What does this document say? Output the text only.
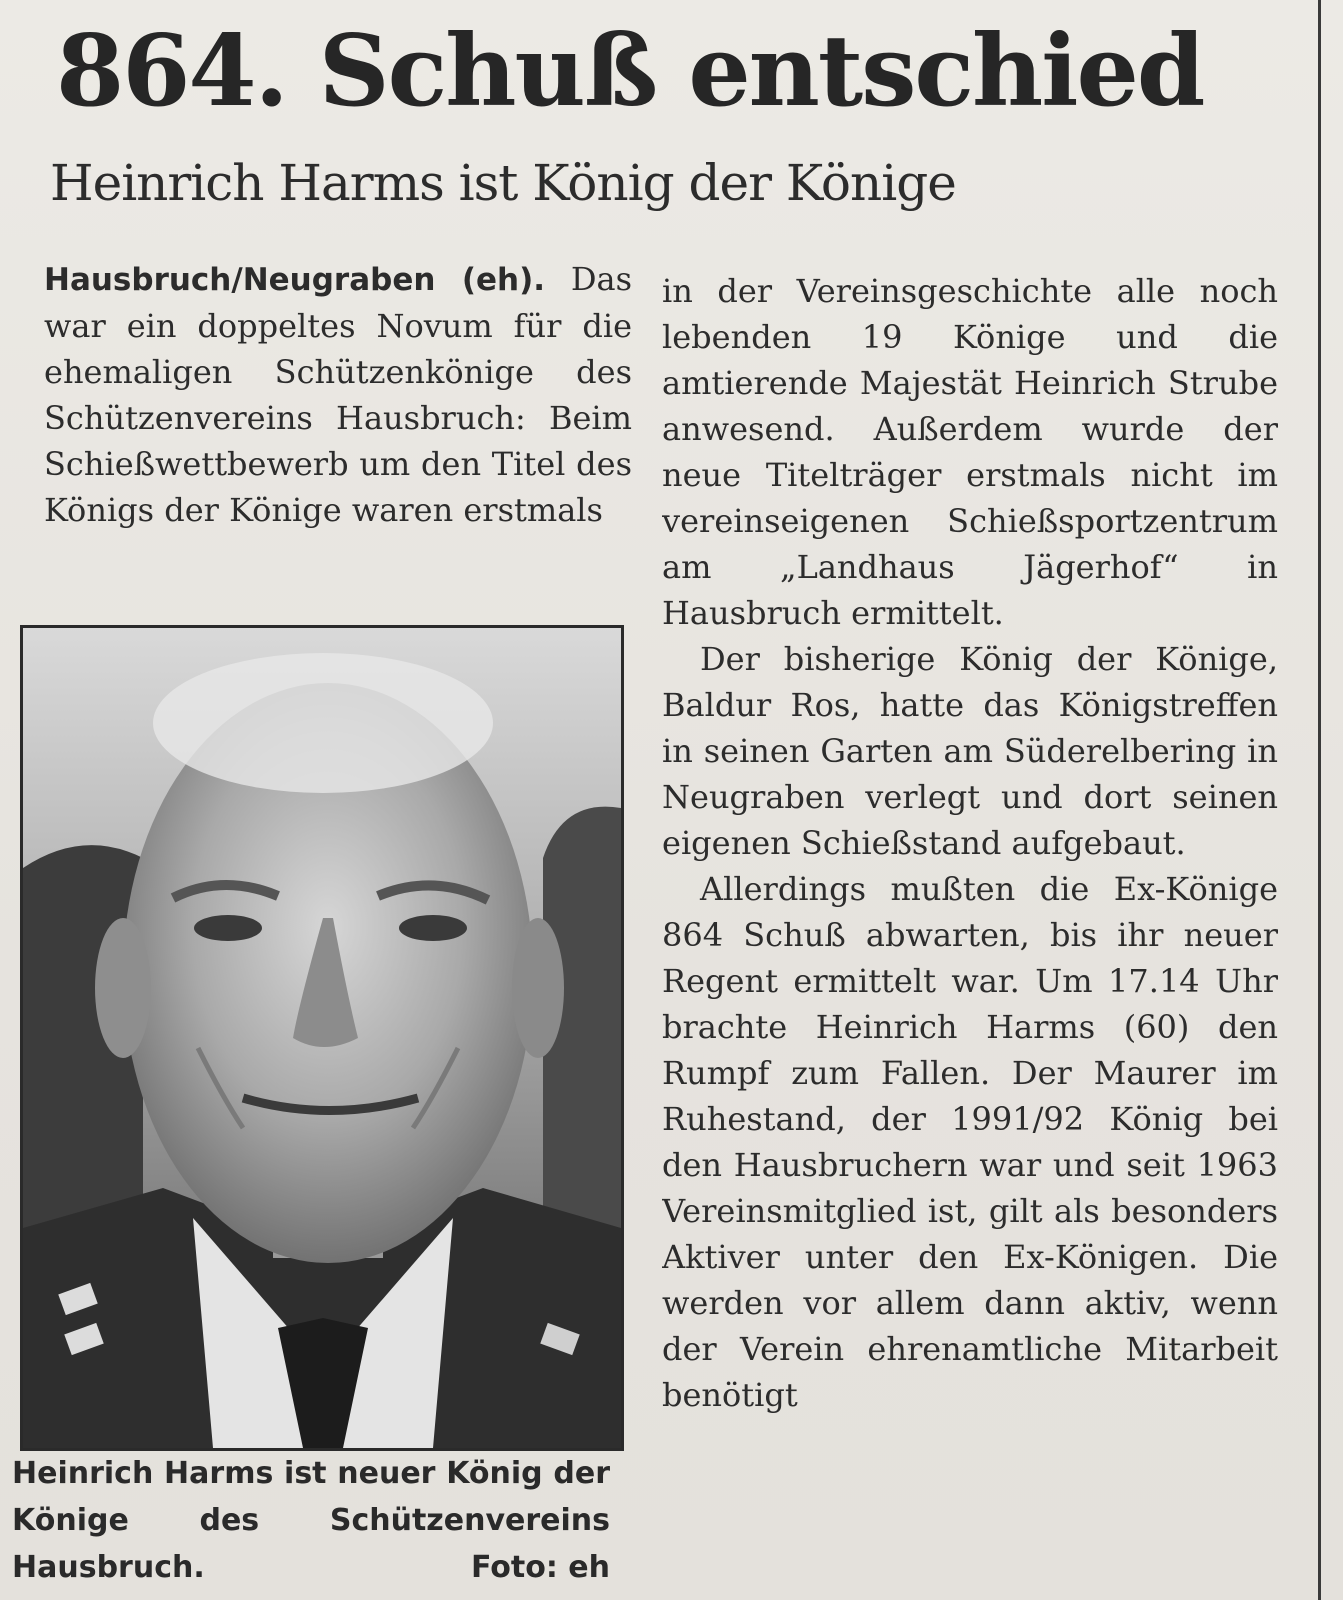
864. Schuß entschied
Heinrich Harms ist König der Könige

Hausbruch/Neugraben (eh). Das war ein doppeltes Novum für die ehemaligen Schützenkönige des Schützenvereins Hausbruch: Beim Schießwettbewerb um den Titel des Königs der Könige waren erstmals

Heinrich Harms ist neuer König der Könige des Schützenvereins Hausbruch.	Foto: eh

in der Vereinsgeschichte alle noch lebenden 19 Könige und die amtierende Majestät Heinrich Strube anwesend. Außerdem wurde der neue Titelträger erstmals nicht im vereinseigenen Schießsportzentrum am „Landhaus Jägerhof“ in Hausbruch ermittelt.

Der bisherige König der Könige, Baldur Ros, hatte das Königstreffen in seinen Garten am Süderelbering in Neugraben verlegt und dort seinen eigenen Schießstand aufgebaut.

Allerdings mußten die Ex-Könige 864 Schuß abwarten, bis ihr neuer Regent ermittelt war. Um 17.14 Uhr brachte Heinrich Harms (60) den Rumpf zum Fallen. Der Maurer im Ruhestand, der 1991/92 König bei den Hausbruchern war und seit 1963 Vereinsmitglied ist, gilt als besonders Aktiver unter den Ex-Königen. Die werden vor allem dann aktiv, wenn der Verein ehrenamtliche Mitarbeit benötigt
